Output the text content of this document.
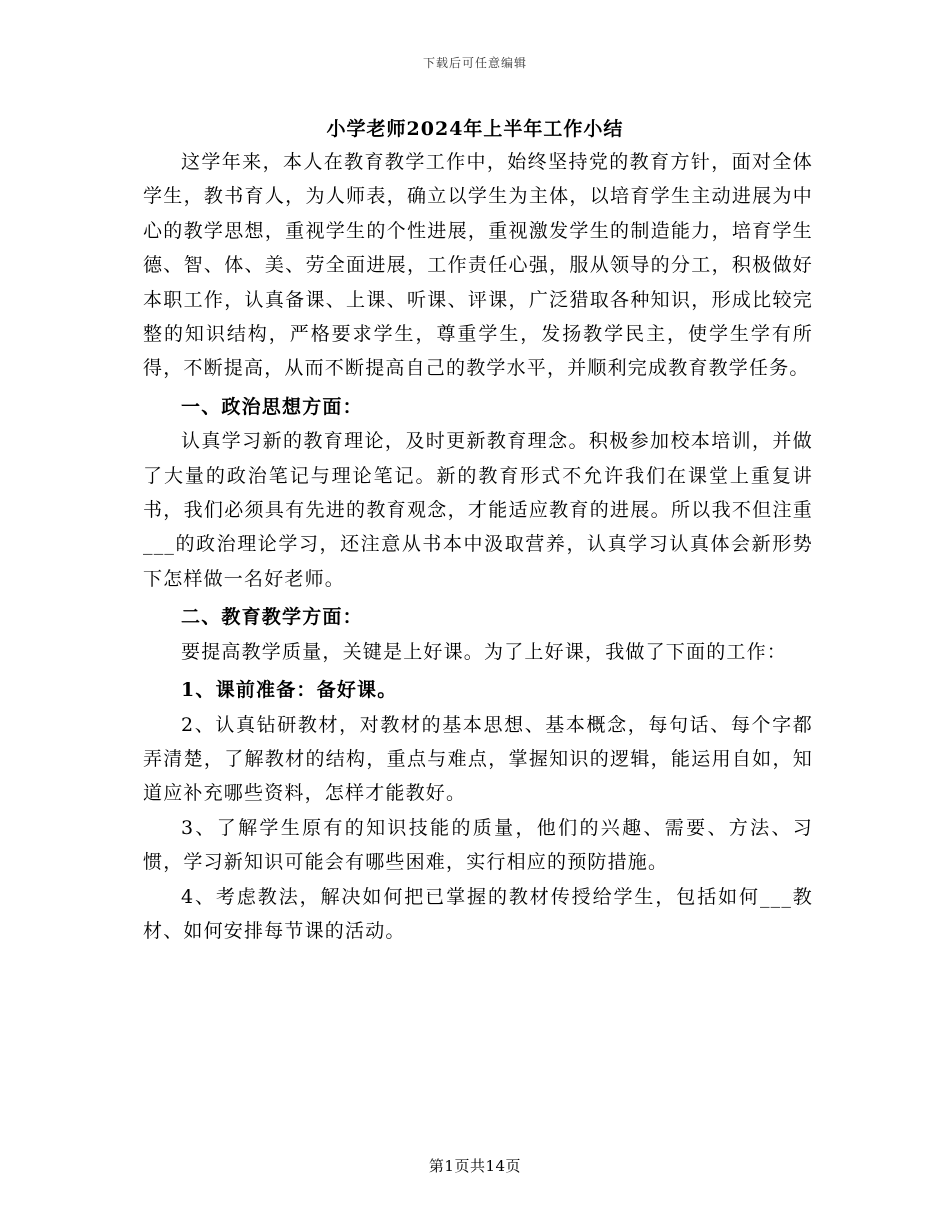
下载后可任意编辑
小学老师2024年上半年工作小结

这学年来，本人在教育教学工作中，始终坚持党的教育方针，面对全体学生，教书育人，为人师表，确立以学生为主体，以培育学生主动进展为中心的教学思想，重视学生的个性进展，重视激发学生的制造能力，培育学生德、智、体、美、劳全面进展，工作责任心强，服从领导的分工，积极做好本职工作，认真备课、上课、听课、评课，广泛猎取各种知识，形成比较完整的知识结构，严格要求学生，尊重学生，发扬教学民主，使学生学有所得，不断提高，从而不断提高自己的教学水平，并顺利完成教育教学任务。

一、政治思想方面：

认真学习新的教育理论，及时更新教育理念。积极参加校本培训，并做了大量的政治笔记与理论笔记。新的教育形式不允许我们在课堂上重复讲书，我们必须具有先进的教育观念，才能适应教育的进展。所以我不但注重___的政治理论学习，还注意从书本中汲取营养，认真学习认真体会新形势下怎样做一名好老师。

二、教育教学方面：

要提高教学质量，关键是上好课。为了上好课，我做了下面的工作：

1、课前准备：备好课。

2、认真钻研教材，对教材的基本思想、基本概念，每句话、每个字都弄清楚，了解教材的结构，重点与难点，掌握知识的逻辑，能运用自如，知道应补充哪些资料，怎样才能教好。

3、了解学生原有的知识技能的质量，他们的兴趣、需要、方法、习惯，学习新知识可能会有哪些困难，实行相应的预防措施。

4、考虑教法，解决如何把已掌握的教材传授给学生，包括如何___教材、如何安排每节课的活动。

第1页共14页
